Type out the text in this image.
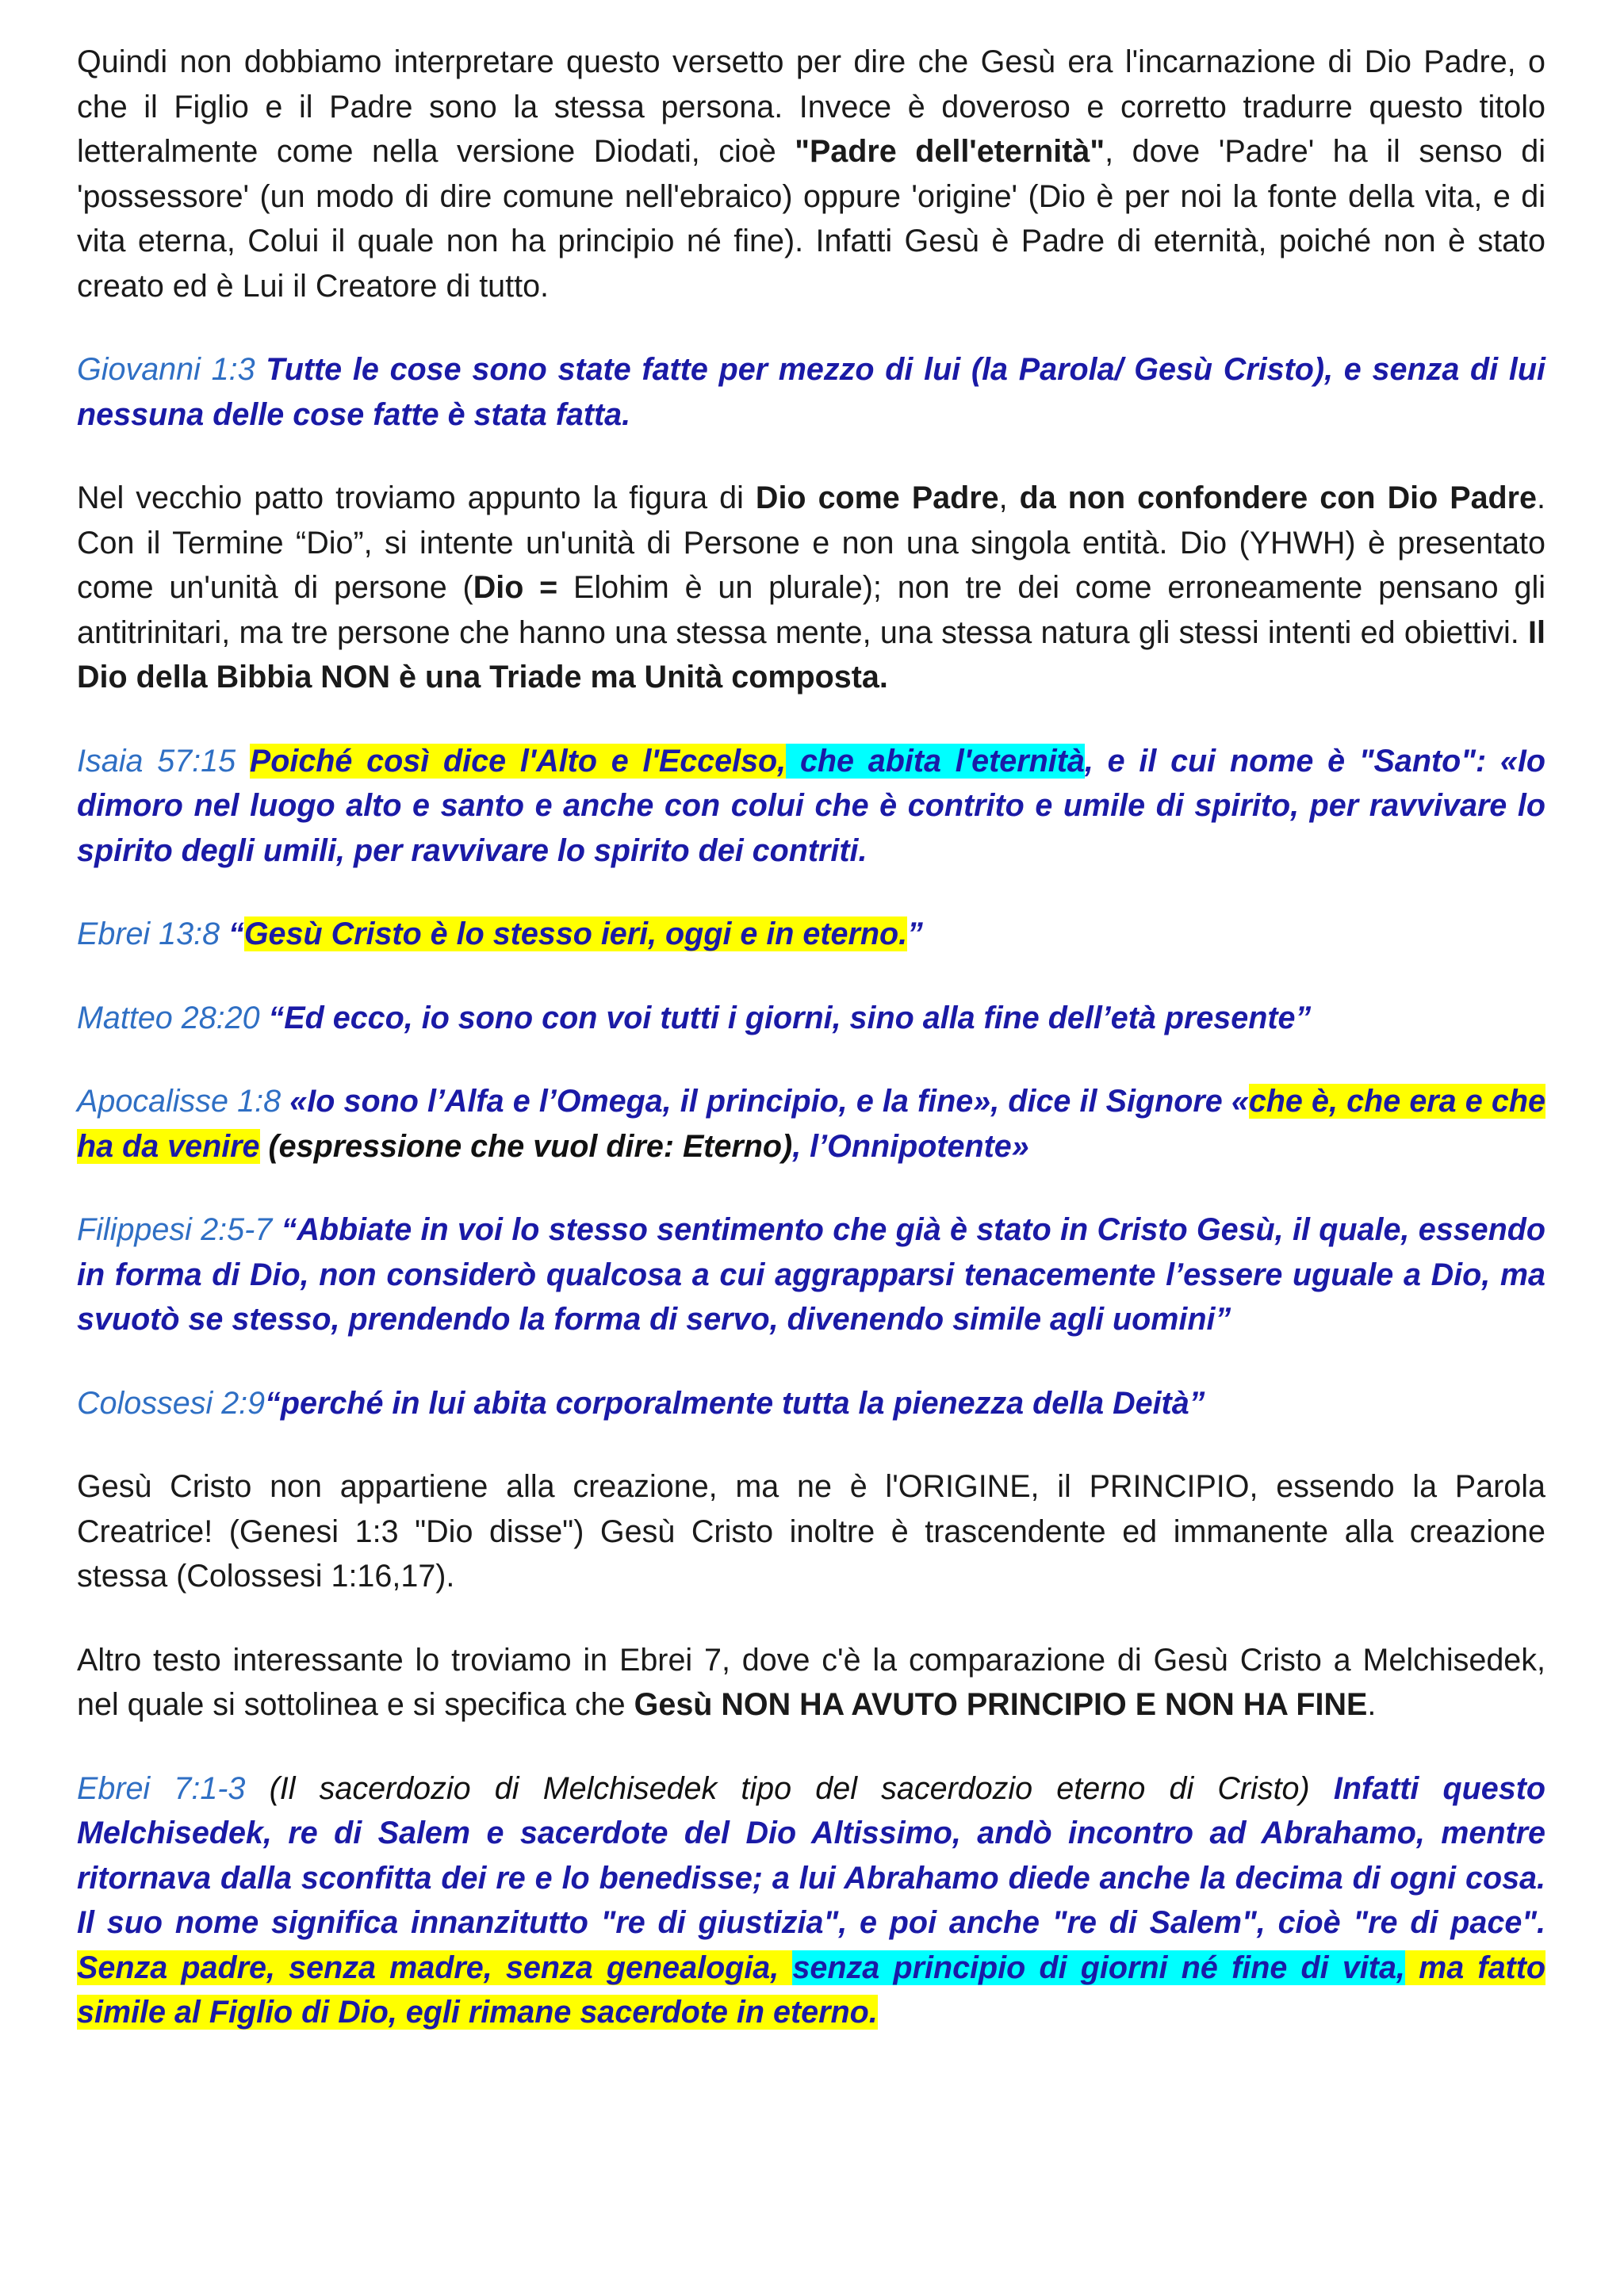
Quindi non dobbiamo interpretare questo versetto per dire che Gesù era l'incarnazione di Dio Padre, o che il Figlio e il Padre sono la stessa persona. Invece è doveroso e corretto tradurre questo titolo letteralmente come nella versione Diodati, cioè "Padre dell'eternità", dove 'Padre' ha il senso di 'possessore' (un modo di dire comune nell'ebraico) oppure 'origine' (Dio è per noi la fonte della vita, e di vita eterna, Colui il quale non ha principio né fine). Infatti Gesù è Padre di eternità, poiché non è stato creato ed è Lui il Creatore di tutto.

Giovanni 1:3 Tutte le cose sono state fatte per mezzo di lui (la Parola/ Gesù Cristo), e senza di lui nessuna delle cose fatte è stata fatta.

Nel vecchio patto troviamo appunto la figura di Dio come Padre, da non confondere con Dio Padre. Con il Termine “Dio”, si intente un'unità di Persone e non una singola entità. Dio (YHWH) è presentato come un'unità di persone (Dio = Elohim è un plurale); non tre dei come erroneamente pensano gli antitrinitari, ma tre persone che hanno una stessa mente, una stessa natura gli stessi intenti ed obiettivi. Il Dio della Bibbia NON è una Triade ma Unità composta.

Isaia 57:15 Poiché così dice l'Alto e l'Eccelso, che abita l'eternità, e il cui nome è "Santo": «Io dimoro nel luogo alto e santo e anche con colui che è contrito e umile di spirito, per ravvivare lo spirito degli umili, per ravvivare lo spirito dei contriti.

Ebrei 13:8 “Gesù Cristo è lo stesso ieri, oggi e in eterno.”

Matteo 28:20 “Ed ecco, io sono con voi tutti i giorni, sino alla fine dell’età presente”

Apocalisse 1:8 «Io sono l’Alfa e l’Omega, il principio, e la fine», dice il Signore «che è, che era e che ha da venire (espressione che vuol dire: Eterno), l’Onnipotente»

Filippesi 2:5-7 “Abbiate in voi lo stesso sentimento che già è stato in Cristo Gesù, il quale, essendo in forma di Dio, non considerò qualcosa a cui aggrapparsi tenacemente l’essere uguale a Dio, ma svuotò se stesso, prendendo la forma di servo, divenendo simile agli uomini”

Colossesi 2:9“perché in lui abita corporalmente tutta la pienezza della Deità”

Gesù Cristo non appartiene alla creazione, ma ne è l'ORIGINE, il PRINCIPIO, essendo la Parola Creatrice! (Genesi 1:3 "Dio disse") Gesù Cristo inoltre è trascendente ed immanente alla creazione stessa (Colossesi 1:16,17).

Altro testo interessante lo troviamo in Ebrei 7, dove c'è la comparazione di Gesù Cristo a Melchisedek, nel quale si sottolinea e si specifica che Gesù NON HA AVUTO PRINCIPIO E NON HA FINE.

Ebrei 7:1-3 (Il sacerdozio di Melchisedek tipo del sacerdozio eterno di Cristo) Infatti questo Melchisedek, re di Salem e sacerdote del Dio Altissimo, andò incontro ad Abrahamo, mentre ritornava dalla sconfitta dei re e lo benedisse; a lui Abrahamo diede anche la decima di ogni cosa. Il suo nome significa innanzitutto "re di giustizia", e poi anche "re di Salem", cioè "re di pace". Senza padre, senza madre, senza genealogia, senza principio di giorni né fine di vita, ma fatto simile al Figlio di Dio, egli rimane sacerdote in eterno.
